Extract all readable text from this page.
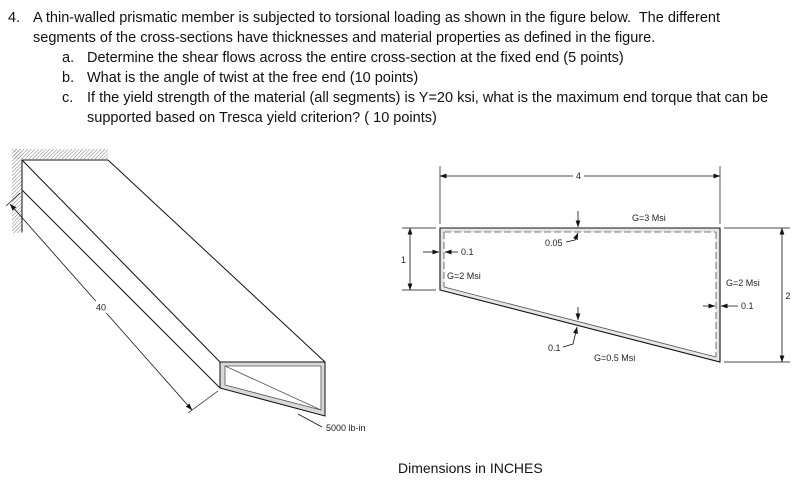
4. A thin-walled prismatic member is subjected to torsional loading as shown in the figure below.  The different
segments of the cross-sections have thicknesses and material properties as defined in the figure.
a. Determine the shear flows across the entire cross-section at the fixed end (5 points)
b. What is the angle of twist at the free end (10 points)
c. If the yield strength of the material (all segments) is Y=20 ksi, what is the maximum end torque that can be
supported based on Tresca yield criterion? ( 10 points)
40
5000 lb-in
4
1
2
0.05
G=3 Msi
0.1
G=2 Msi
0.1
G=2 Msi
0.1
G=0.5 Msi
Dimensions in INCHES
